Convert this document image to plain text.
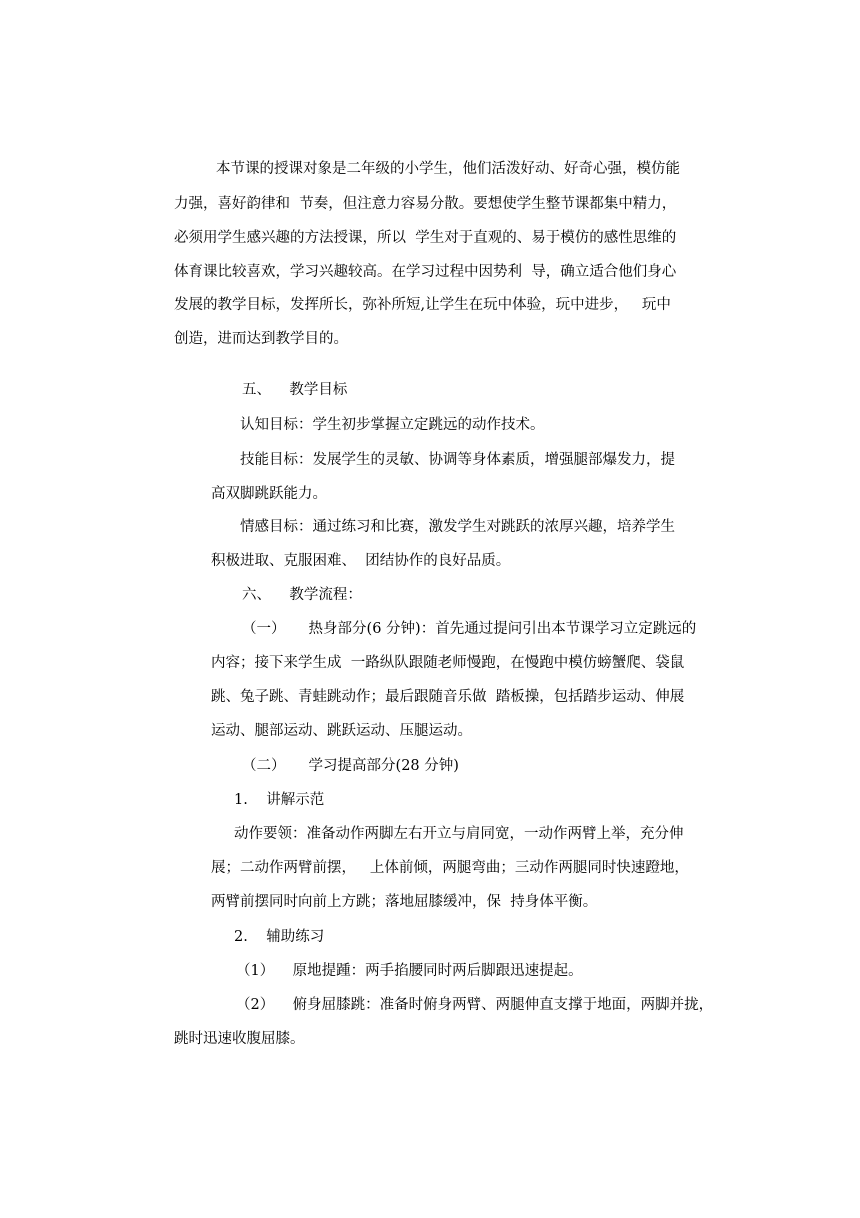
本节课的授课对象是二年级的小学生，他们活泼好动、好奇心强，模仿能
力强，喜好韵律和  节奏，但注意力容易分散。要想使学生整节课都集中精力，
必须用学生感兴趣的方法授课，所以  学生对于直观的、易于模仿的感性思维的
体育课比较喜欢，学习兴趣较高。在学习过程中因势利  导，确立适合他们身心
发展的教学目标，发挥所长，弥补所短,让学生在玩中体验，玩中进步，   玩中
创造，进而达到教学目的。
五、    教学目标
认知目标：学生初步掌握立定跳远的动作技术。
技能目标：发展学生的灵敏、协调等身体素质，增强腿部爆发力，提
高双脚跳跃能力。
情感目标：通过练习和比赛，激发学生对跳跃的浓厚兴趣，培养学生
积极进取、克服困难、  团结协作的良好品质。
六、    教学流程：
（一）     热身部分(6 分钟)：首先通过提问引出本节课学习立定跳远的
内容；接下来学生成  一路纵队跟随老师慢跑，在慢跑中模仿螃蟹爬、袋鼠
跳、兔子跳、青蛙跳动作；最后跟随音乐做  踏板操，包括踏步运动、伸展
运动、腿部运动、跳跃运动、压腿运动。
（二）     学习提高部分(28 分钟)
1.    讲解示范
动作要领：准备动作两脚左右开立与肩同宽，一动作两臂上举，充分伸
展；二动作两臂前摆，   上体前倾，两腿弯曲；三动作两腿同时快速蹬地，
两臂前摆同时向前上方跳；落地屈膝缓冲，保  持身体平衡。
2.    辅助练习
（1）    原地提踵：两手掐腰同时两后脚跟迅速提起。
（2）    俯身屈膝跳：准备时俯身两臂、两腿伸直支撑于地面，两脚并拢，
跳时迅速收腹屈膝。
